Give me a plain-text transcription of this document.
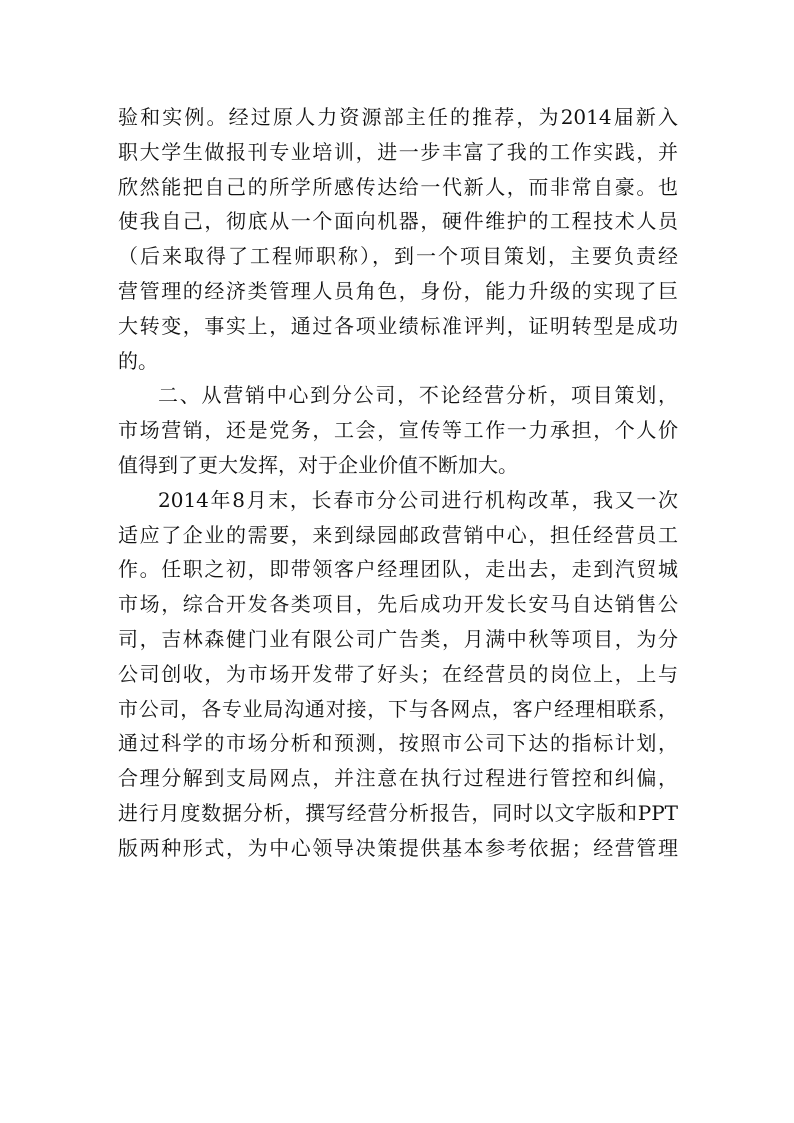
验和实例。经过原人力资源部主任的推荐，为2014届新入
职大学生做报刊专业培训，进一步丰富了我的工作实践，并
欣然能把自己的所学所感传达给一代新人，而非常自豪。也
使我自己，彻底从一个面向机器，硬件维护的工程技术人员
（后来取得了工程师职称），到一个项目策划，主要负责经
营管理的经济类管理人员角色，身份，能力升级的实现了巨
大转变，事实上，通过各项业绩标准评判，证明转型是成功
的。
二、从营销中心到分公司，不论经营分析，项目策划，
市场营销，还是党务，工会，宣传等工作一力承担，个人价
值得到了更大发挥，对于企业价值不断加大。
2014年8月末，长春市分公司进行机构改革，我又一次
适应了企业的需要，来到绿园邮政营销中心，担任经营员工
作。任职之初，即带领客户经理团队，走出去，走到汽贸城
市场，综合开发各类项目，先后成功开发长安马自达销售公
司，吉林森健门业有限公司广告类，月满中秋等项目，为分
公司创收，为市场开发带了好头；在经营员的岗位上，上与
市公司，各专业局沟通对接，下与各网点，客户经理相联系，
通过科学的市场分析和预测，按照市公司下达的指标计划，
合理分解到支局网点，并注意在执行过程进行管控和纠偏，
进行月度数据分析，撰写经营分析报告，同时以文字版和PPT
版两种形式，为中心领导决策提供基本参考依据；经营管理
